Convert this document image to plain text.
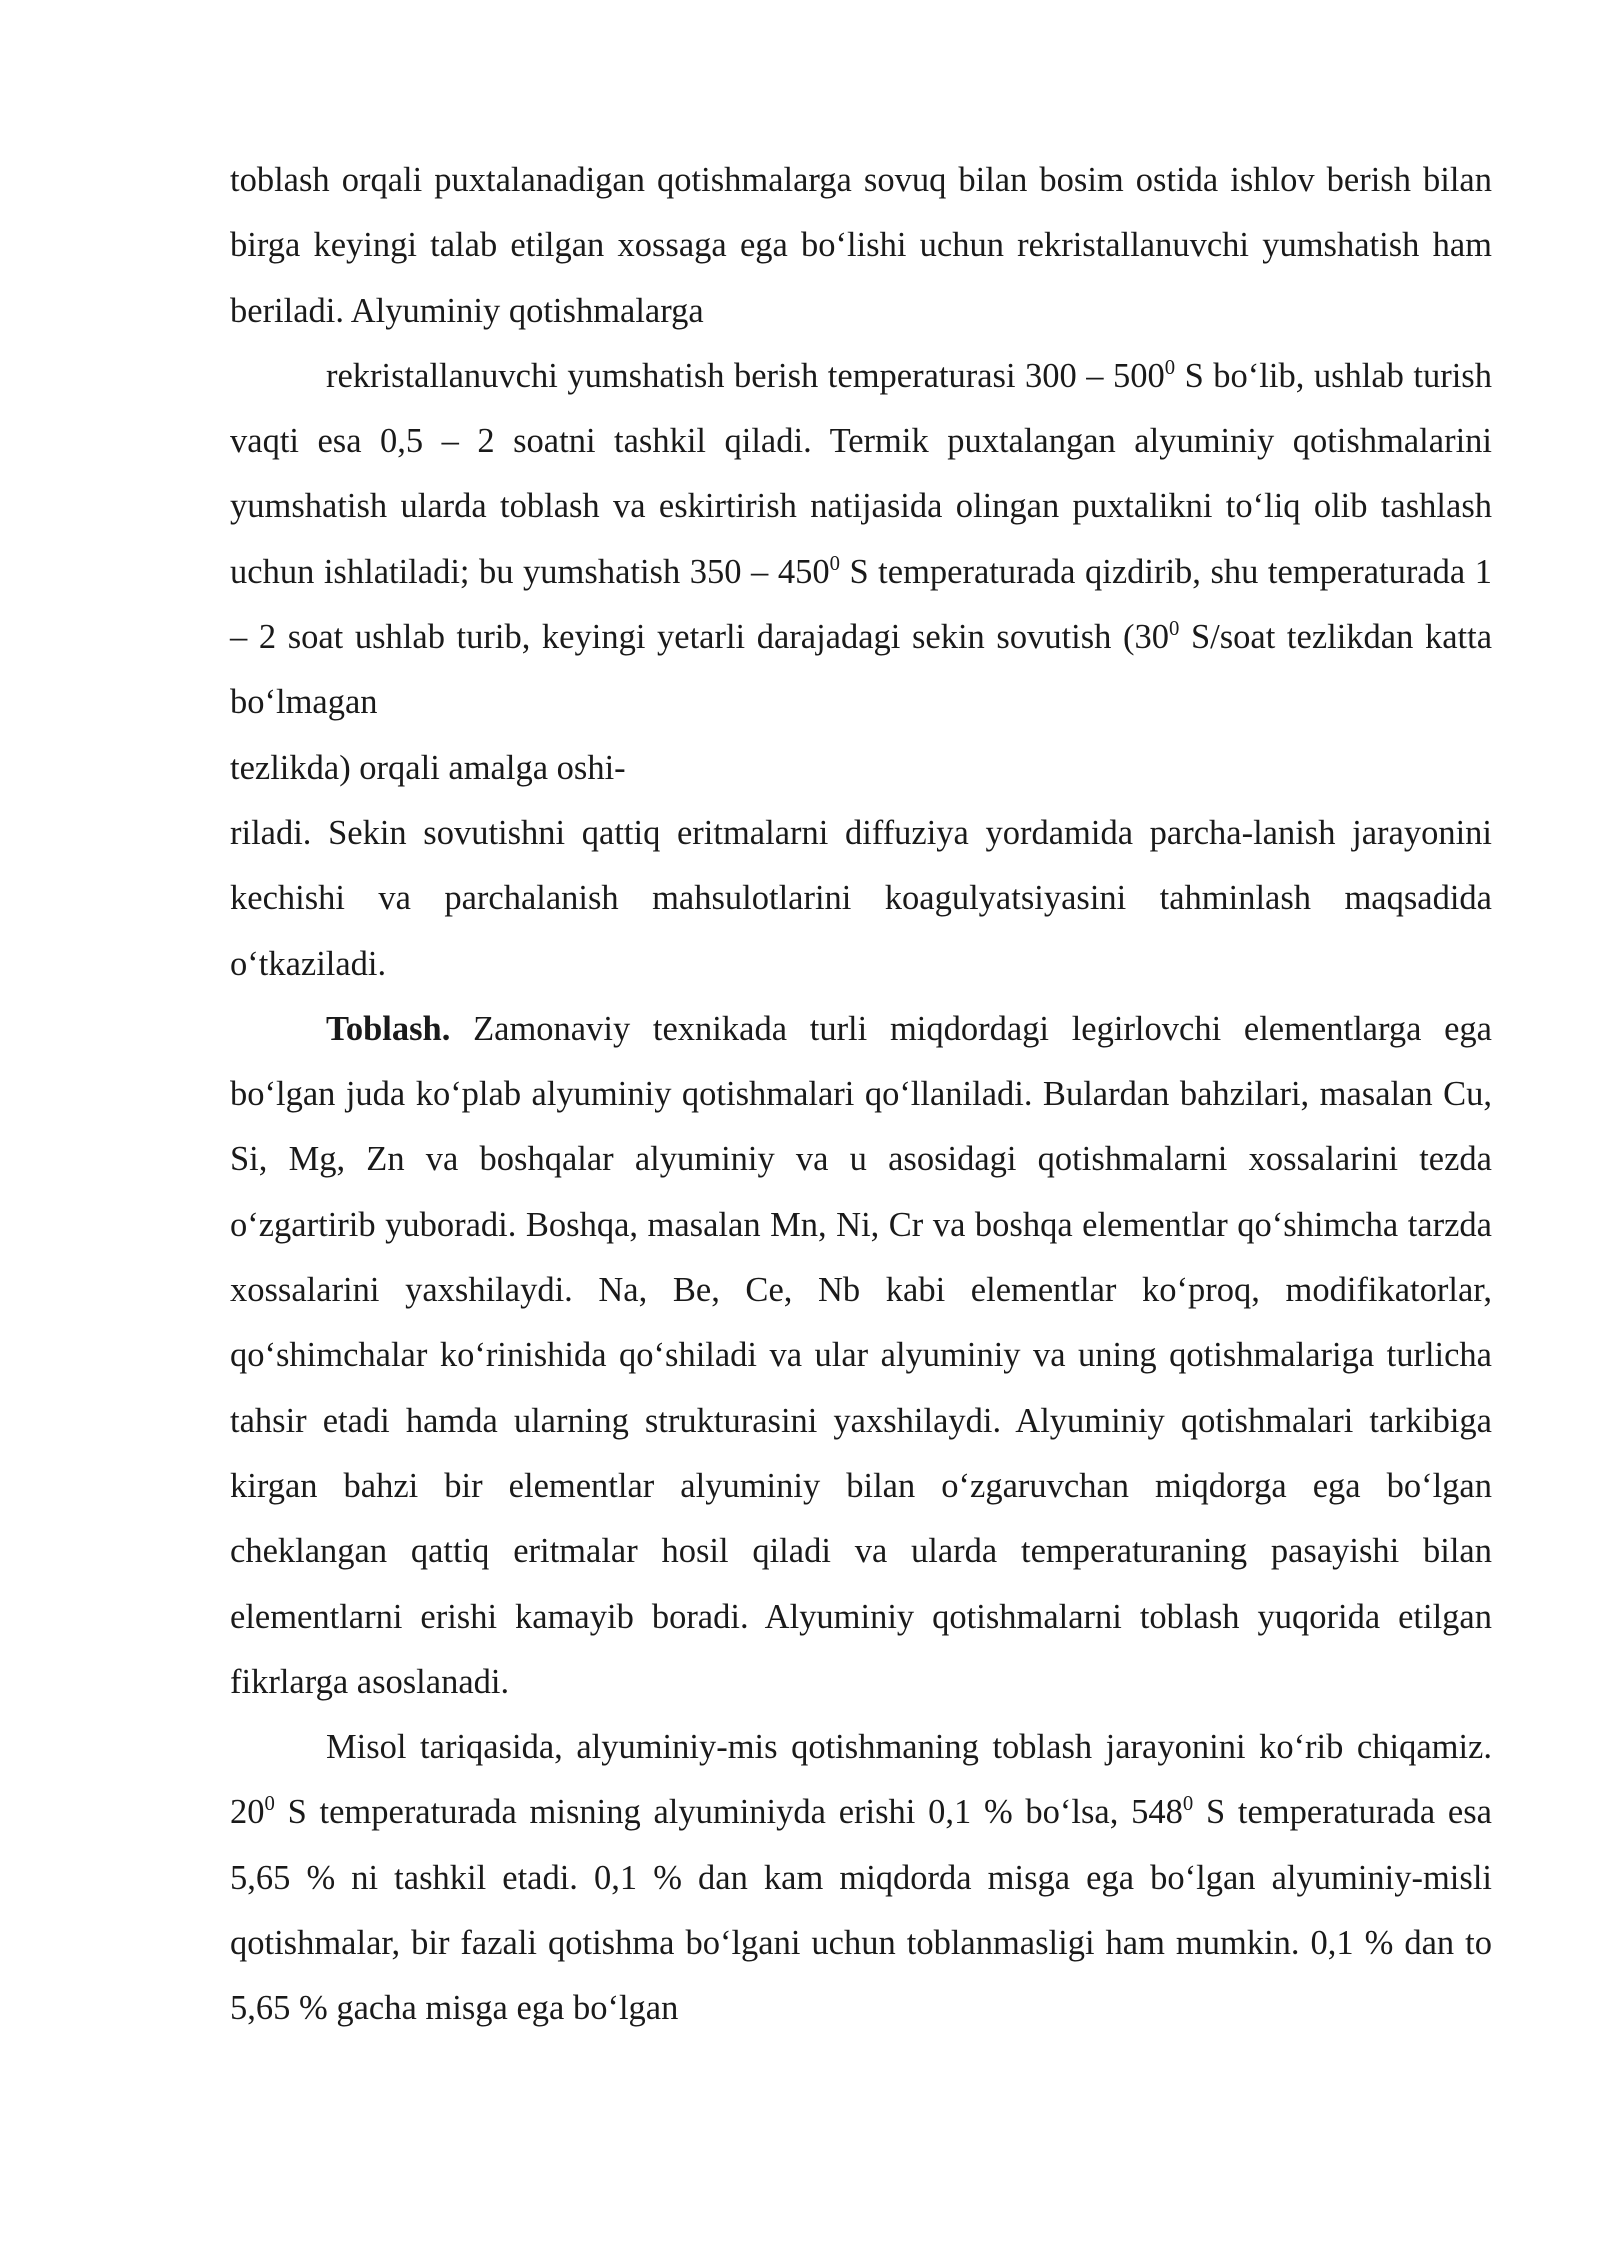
toblash orqali puxtalanadigan qotishmalarga sovuq bilan bosim ostida ishlov berish bilan birga keyingi talab etilgan xossaga ega bo‘lishi uchun rekristallanuvchi yumshatish ham beriladi. Alyuminiy qotishmalarga

rekristallanuvchi yumshatish berish temperaturasi $300 - 500^0$ S bo‘lib, ushlab turish vaqti esa 0,5 – 2 soatni tashkil qiladi. Termik puxtalangan alyuminiy qotishmalarini yumshatish ularda toblash va eskirtirish natijasida olingan puxtalikni to‘liq olib tashlash uchun ishlatiladi; bu yumshatish $350 - 450^0$ S temperaturada qizdirib, shu temperaturada 1 – 2 soat ushlab turib, keyingi yetarli darajadagi sekin sovutish ($30^0$ S/soat tezlikdan katta bo‘lmagan

tezlikda) orqali amalga oshi-

riladi. Sekin sovutishni qattiq eritmalarni diffuziya yordamida parcha-lanish jarayonini kechishi va parchalanish mahsulotlarini koagulyatsiyasini tahminlash maqsadida o‘tkaziladi.

Toblash. Zamonaviy texnikada turli miqdordagi legirlovchi elementlarga ega bo‘lgan juda ko‘plab alyuminiy qotishmalari qo‘llaniladi. Bulardan bahzilari, masalan Cu, Si, Mg, Zn va boshqalar alyuminiy va u asosidagi qotishmalarni xossalarini tezda o‘zgartirib yuboradi. Boshqa, masalan Mn, Ni, Cr va boshqa elementlar qo‘shimcha tarzda xossalarini yaxshilaydi. Na, Be, Ce, Nb kabi elementlar ko‘proq, modifikatorlar, qo‘shimchalar ko‘rinishida qo‘shiladi va ular alyuminiy va uning qotishmalariga turlicha tahsir etadi hamda ularning strukturasini yaxshilaydi. Alyuminiy qotishmalari tarkibiga kirgan bahzi bir elementlar alyuminiy bilan o‘zgaruvchan miqdorga ega bo‘lgan cheklangan qattiq eritmalar hosil qiladi va ularda temperaturaning pasayishi bilan elementlarni erishi kamayib boradi. Alyuminiy qotishmalarni toblash yuqorida etilgan fikrlarga asoslanadi.

Misol tariqasida, alyuminiy-mis qotishmaning toblash jarayonini ko‘rib chiqamiz. $20^0$ S temperaturada misning alyuminiyda erishi 0,1 % bo‘lsa, $548^0$ S temperaturada esa 5,65 % ni tashkil etadi. 0,1 % dan kam miqdorda misga ega bo‘lgan alyuminiy-misli qotishmalar, bir fazali qotishma bo‘lgani uchun toblanmasligi ham mumkin. 0,1 % dan to 5,65 % gacha misga ega bo‘lgan
